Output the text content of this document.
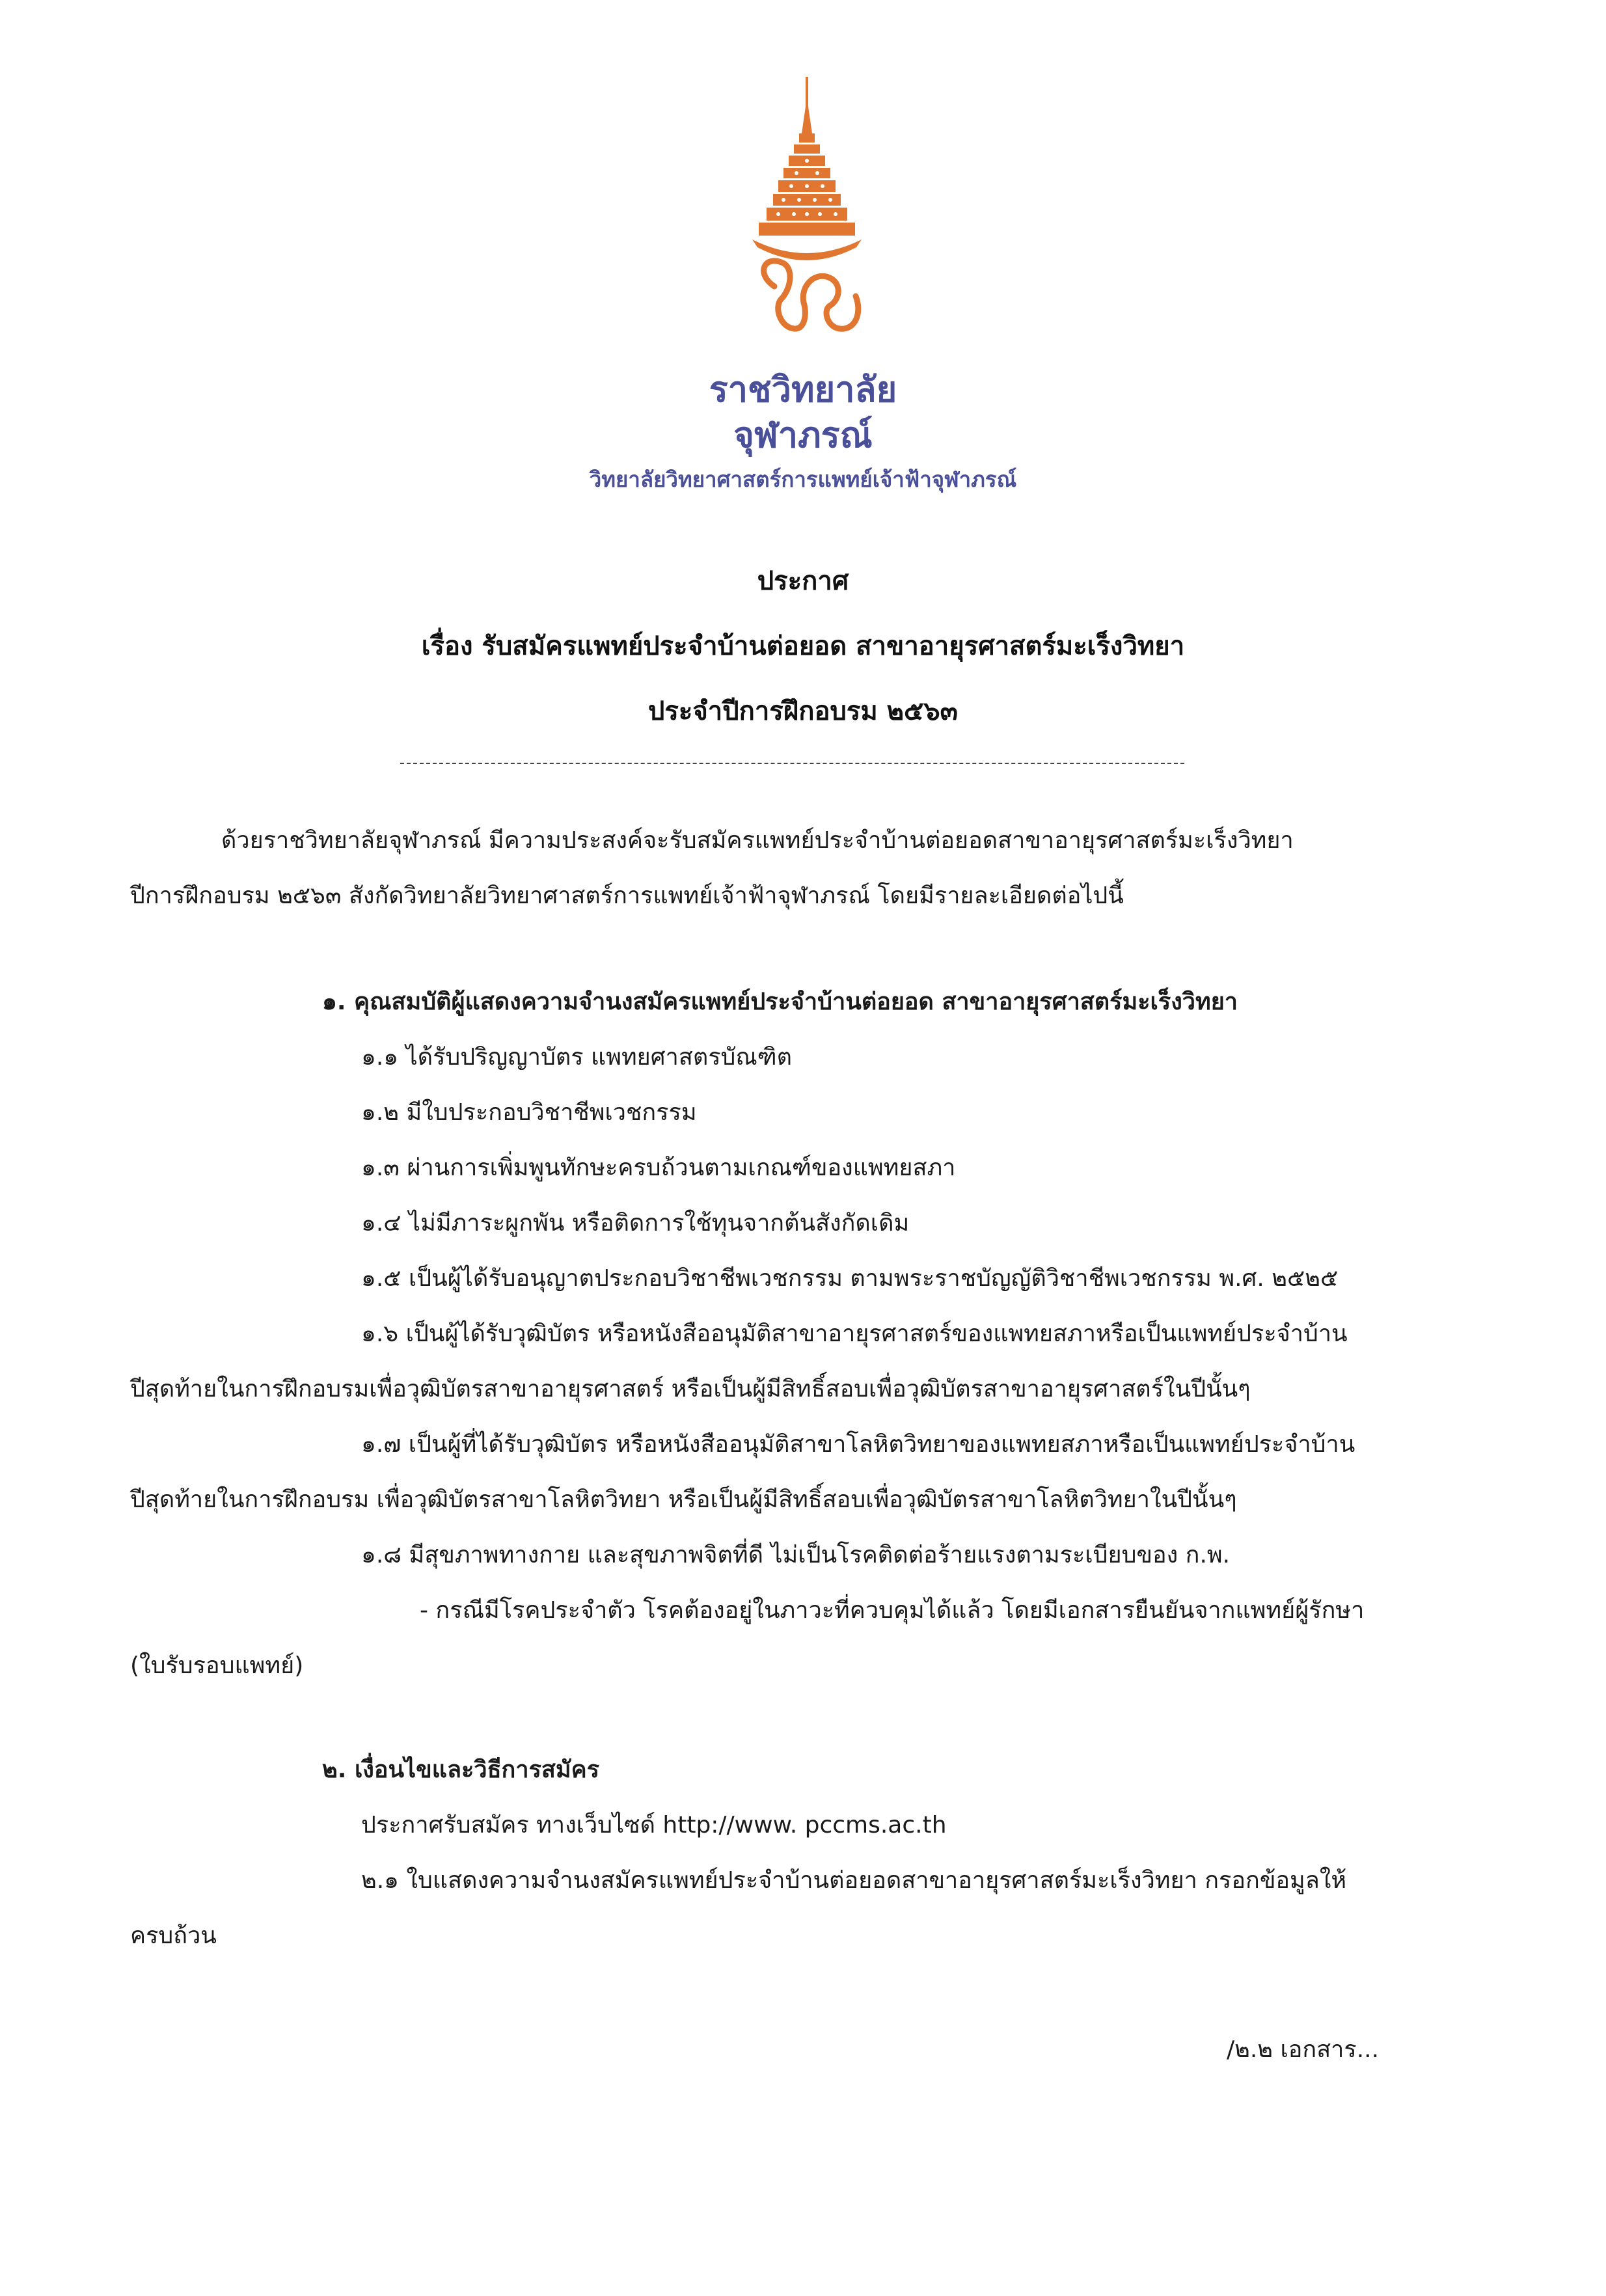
ราชวิทยาลัย
จุฬาภรณ์
วิทยาลัยวิทยาศาสตร์การแพทย์เจ้าฟ้าจุฬาภรณ์
ประกาศ
เรื่อง รับสมัครแพทย์ประจำบ้านต่อยอด สาขาอายุรศาสตร์มะเร็งวิทยา
ประจำปีการฝึกอบรม ๒๕๖๓
ด้วยราชวิทยาลัยจุฬาภรณ์ มีความประสงค์จะรับสมัครแพทย์ประจำบ้านต่อยอดสาขาอายุรศาสตร์มะเร็งวิทยา
ปีการฝึกอบรม ๒๕๖๓ สังกัดวิทยาลัยวิทยาศาสตร์การแพทย์เจ้าฟ้าจุฬาภรณ์ โดยมีรายละเอียดต่อไปนี้
๑. คุณสมบัติผู้แสดงความจำนงสมัครแพทย์ประจำบ้านต่อยอด สาขาอายุรศาสตร์มะเร็งวิทยา
๑.๑ ได้รับปริญญาบัตร แพทยศาสตรบัณฑิต
๑.๒ มีใบประกอบวิชาชีพเวชกรรม
๑.๓ ผ่านการเพิ่มพูนทักษะครบถ้วนตามเกณฑ์ของแพทยสภา
๑.๔ ไม่มีภาระผูกพัน หรือติดการใช้ทุนจากต้นสังกัดเดิม
๑.๕ เป็นผู้ได้รับอนุญาตประกอบวิชาชีพเวชกรรม ตามพระราชบัญญัติวิชาชีพเวชกรรม พ.ศ. ๒๕๒๕
๑.๖ เป็นผู้ได้รับวุฒิบัตร หรือหนังสืออนุมัติสาขาอายุรศาสตร์ของแพทยสภาหรือเป็นแพทย์ประจำบ้าน
ปีสุดท้ายในการฝึกอบรมเพื่อวุฒิบัตรสาขาอายุรศาสตร์ หรือเป็นผู้มีสิทธิ์สอบเพื่อวุฒิบัตรสาขาอายุรศาสตร์ในปีนั้นๆ
๑.๗ เป็นผู้ที่ได้รับวุฒิบัตร หรือหนังสืออนุมัติสาขาโลหิตวิทยาของแพทยสภาหรือเป็นแพทย์ประจำบ้าน
ปีสุดท้ายในการฝึกอบรม เพื่อวุฒิบัตรสาขาโลหิตวิทยา หรือเป็นผู้มีสิทธิ์สอบเพื่อวุฒิบัตรสาขาโลหิตวิทยาในปีนั้นๆ
๑.๘ มีสุขภาพทางกาย และสุขภาพจิตที่ดี ไม่เป็นโรคติดต่อร้ายแรงตามระเบียบของ ก.พ.
- กรณีมีโรคประจำตัว โรคต้องอยู่ในภาวะที่ควบคุมได้แล้ว โดยมีเอกสารยืนยันจากแพทย์ผู้รักษา
(ใบรับรอบแพทย์)
๒. เงื่อนไขและวิธีการสมัคร
ประกาศรับสมัคร ทางเว็บไซด์ http://www. pccms.ac.th
๒.๑ ใบแสดงความจำนงสมัครแพทย์ประจำบ้านต่อยอดสาขาอายุรศาสตร์มะเร็งวิทยา กรอกข้อมูลให้
ครบถ้วน
/๒.๒ เอกสาร...
